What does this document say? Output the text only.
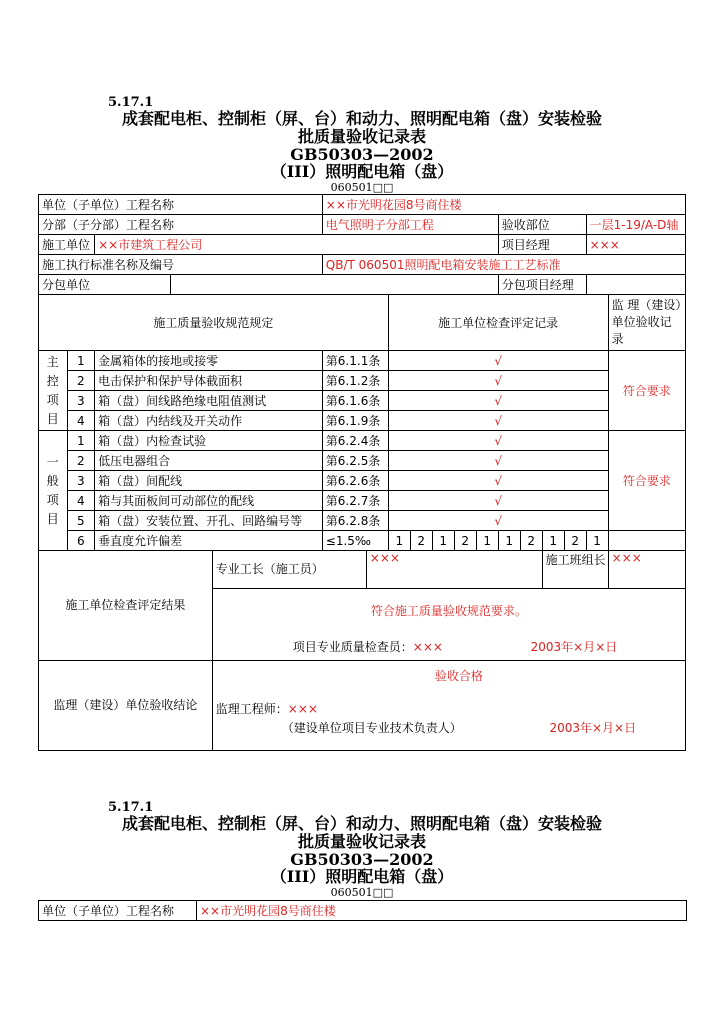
5.17.1
成套配电柜、控制柜（屏、台）和动力、照明配电箱（盘）安装检验
批质量验收记录表
GB50303—2002
（III）照明配电箱（盘）
060501□□
单位（子单位）工程名称					××市光明花园8号商住楼												
分部（子分部）工程名称					电气照明子分部工程							验收部位				一层1-19/A-D轴	
施工单位		××市建筑工程公司										项目经理				×××	
施工执行标准名称及编号					QB/T 060501照明配电箱安装施工工艺标准												
分包单位												分包项目经理					
施工质量验收规范规定							施工单位检查评定记录										监 理（建设）单位验收记录
主控项目	1	金属箱体的接地或接零			第6.1.1条		√										符合要求
	2	电击保护和保护导体截面积			第6.1.2条		√										
	3	箱（盘）间线路绝缘电阻值测试			第6.1.6条		√										
	4	箱（盘）内结线及开关动作			第6.1.9条		√										
一般项目	1	箱（盘）内检查试验			第6.2.4条		√										符合要求
	2	低压电器组合			第6.2.5条		√										
	3	箱（盘）间配线			第6.2.6条		√										
	4	箱与其面板间可动部位的配线			第6.2.7条		√										
	5	箱（盘）安装位置、开孔、回路编号等			第6.2.8条		√										
	6	垂直度允许偏差			≤1.5‰		1	2	1	2	1	1	2	1	2	1	
施工单位检查评定结果				专业工长（施工员）		×××								施工班组长			×××
				符合施工质量验收规范要求。													
				项目专业质量检查员：××× 2003年×月×日													
监理（建设）单位验收结论				验收合格
监理工程师：×××
（建设单位项目专业技术负责人） 2003年×月×日													
5.17.1
成套配电柜、控制柜（屏、台）和动力、照明配电箱（盘）安装检验
批质量验收记录表
GB50303—2002
（III）照明配电箱（盘）
060501□□
单位（子单位）工程名称	××市光明花园8号商住楼
